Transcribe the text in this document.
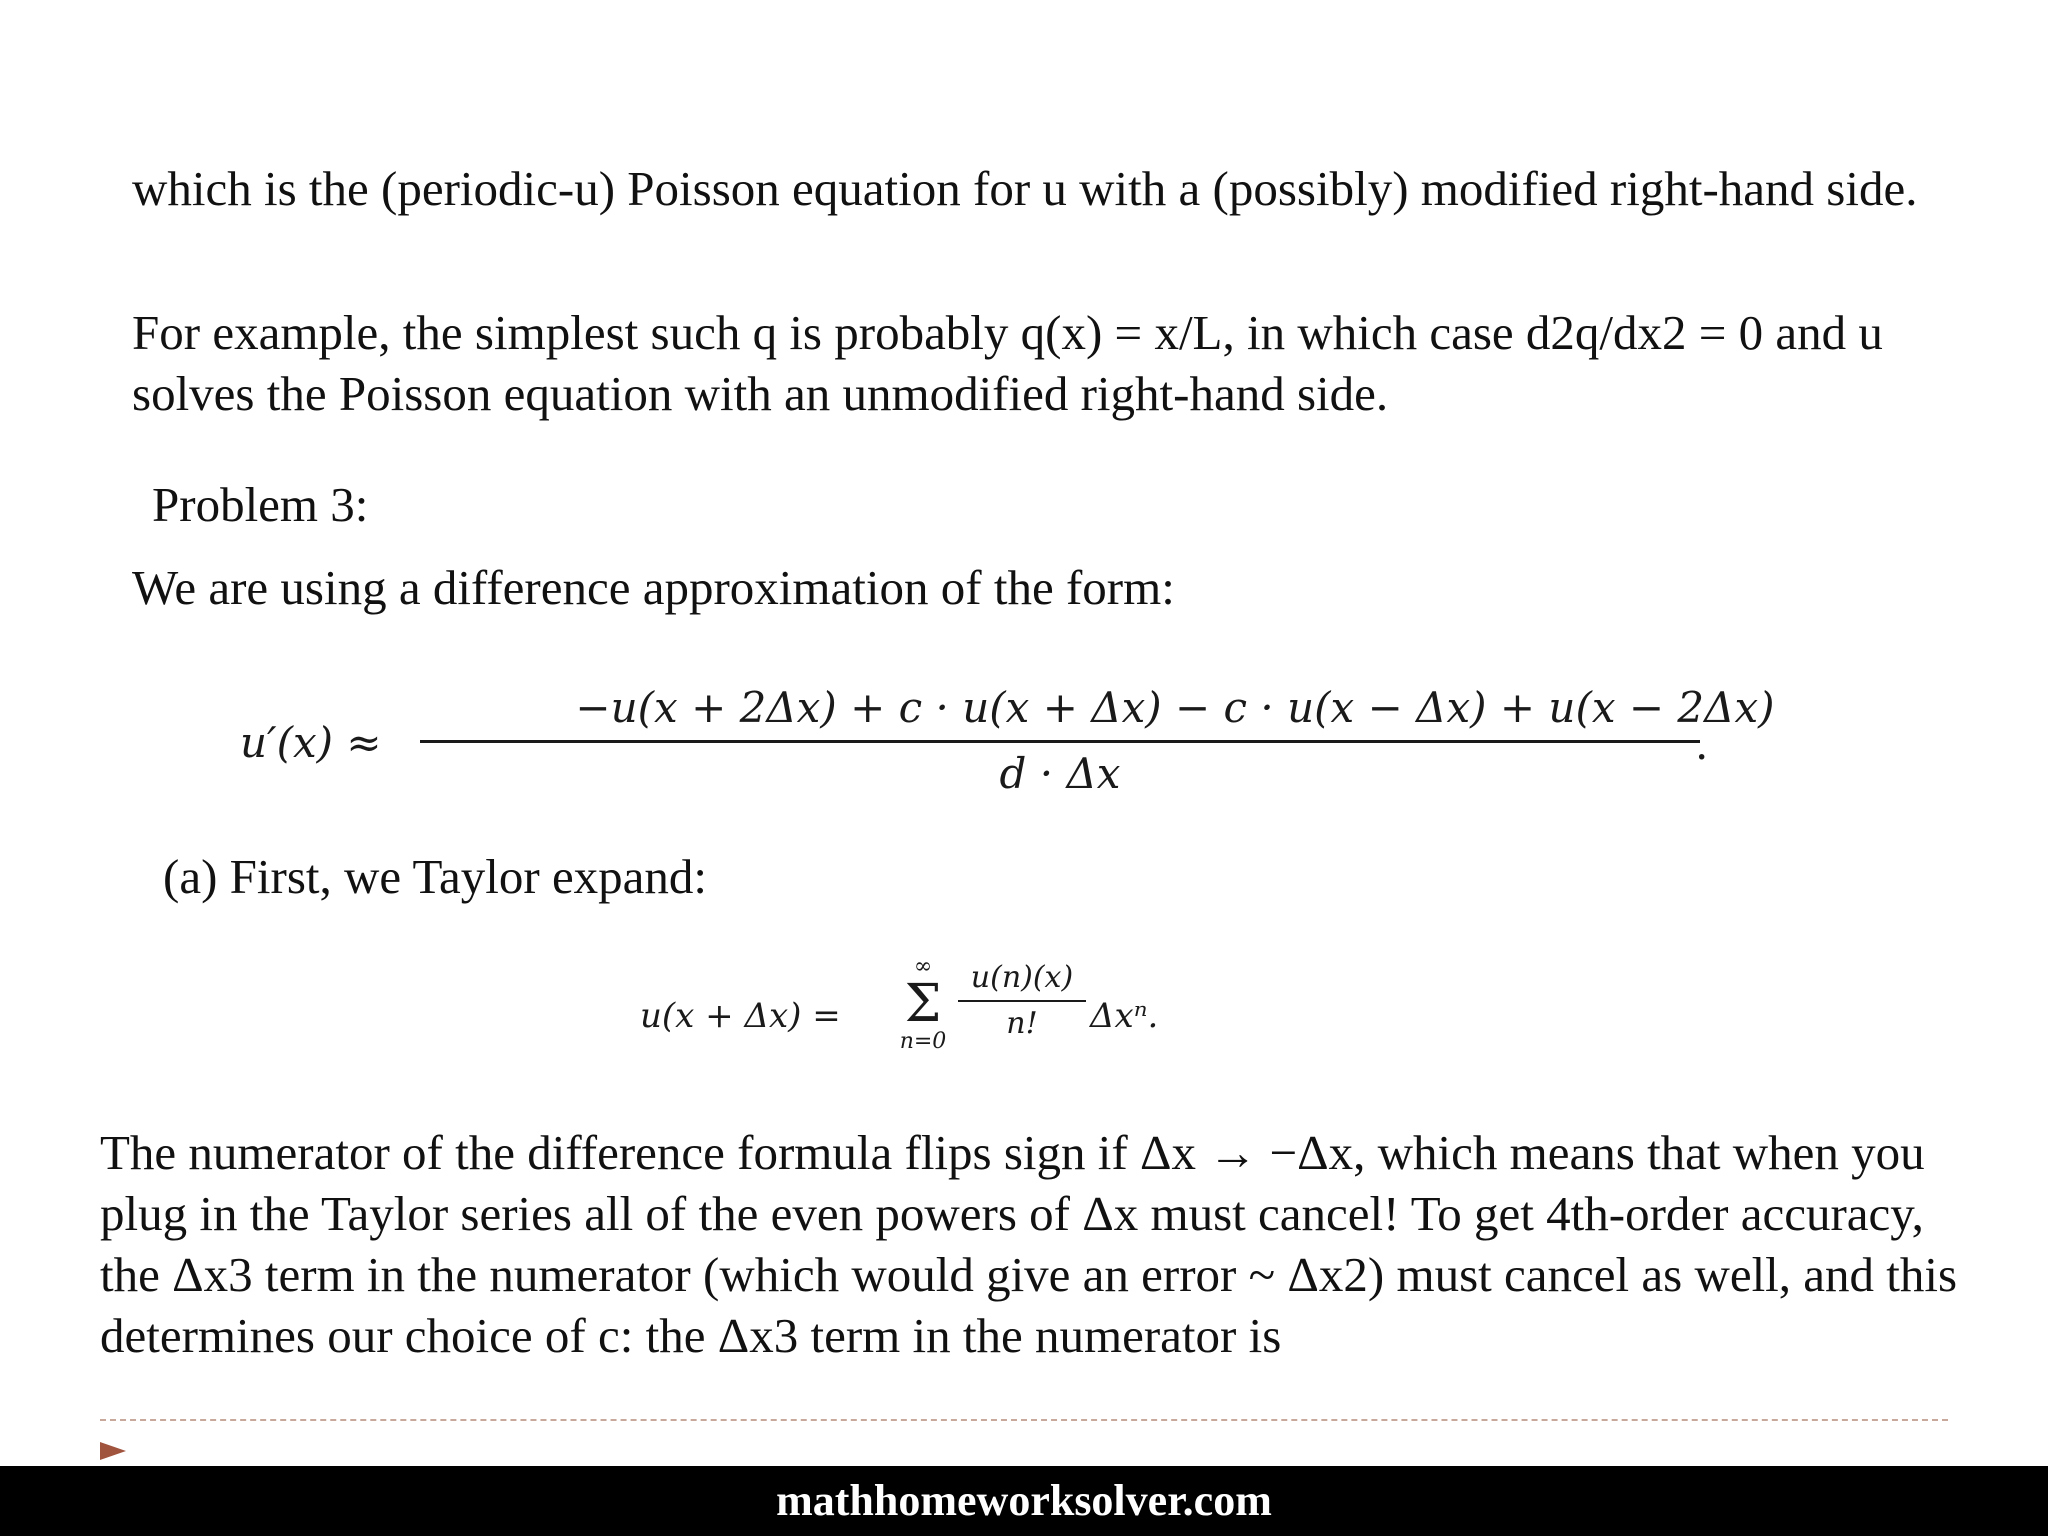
which is the (periodic-u) Poisson equation for u with a (possibly) modified right-hand side.

For example, the simplest such q is probably q(x) = x/L, in which case d2q/dx2 = 0 and u solves the Poisson equation with an unmodified right-hand side.

Problem 3:

We are using a difference approximation of the form:

u′(x) ≈
−u(x + 2Δx) + c · u(x + Δx) − c · u(x − Δx) + u(x − 2Δx)
d · Δx
.

(a) First, we Taylor expand:

u(x + Δx) =
∞
Σ
n=0
u(n)(x)
n!	Δxⁿ.

The numerator of the difference formula flips sign if Δx → −Δx, which means that when you plug in the Taylor series all of the even powers of Δx must cancel! To get 4th-order accuracy, the Δx3 term in the numerator (which would give an error ~ Δx2) must cancel as well, and this determines our choice of c: the Δx3 term in the numerator is

mathhomeworksolver.com
